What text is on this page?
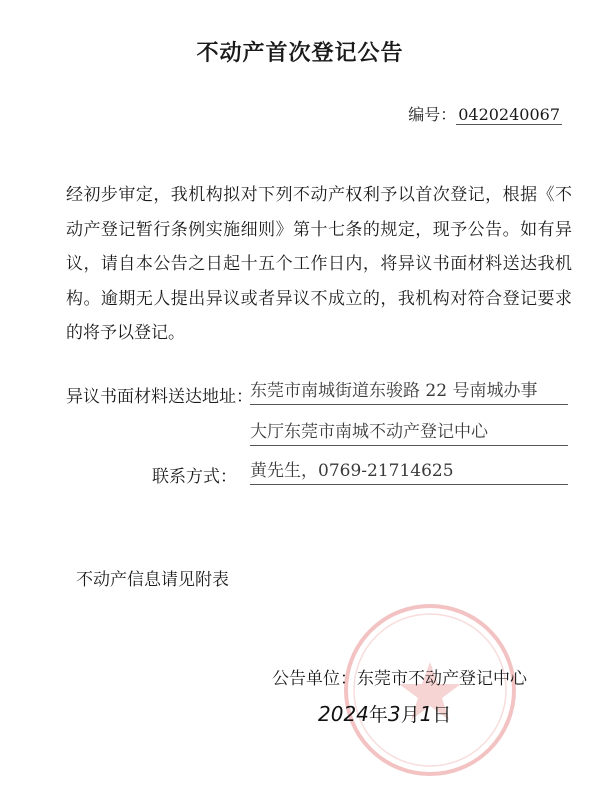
不动产首次登记公告
编号： 0420240067

经初步审定，我机构拟对下列不动产权利予以首次登记，根据《不动产登记暂行条例实施细则》第十七条的规定，现予公告。如有异议，请自本公告之日起十五个工作日内，将异议书面材料送达我机构。逾期无人提出异议或者异议不成立的，我机构对符合登记要求的将予以登记。

异议书面材料送达地址：
东莞市南城街道东骏路 22 号南城办事
大厅东莞市南城不动产登记中心
联系方式： 黄先生，0769-21714625
不动产信息请见附表
公告单位：东莞市不动产登记中心
2024年3月1日
